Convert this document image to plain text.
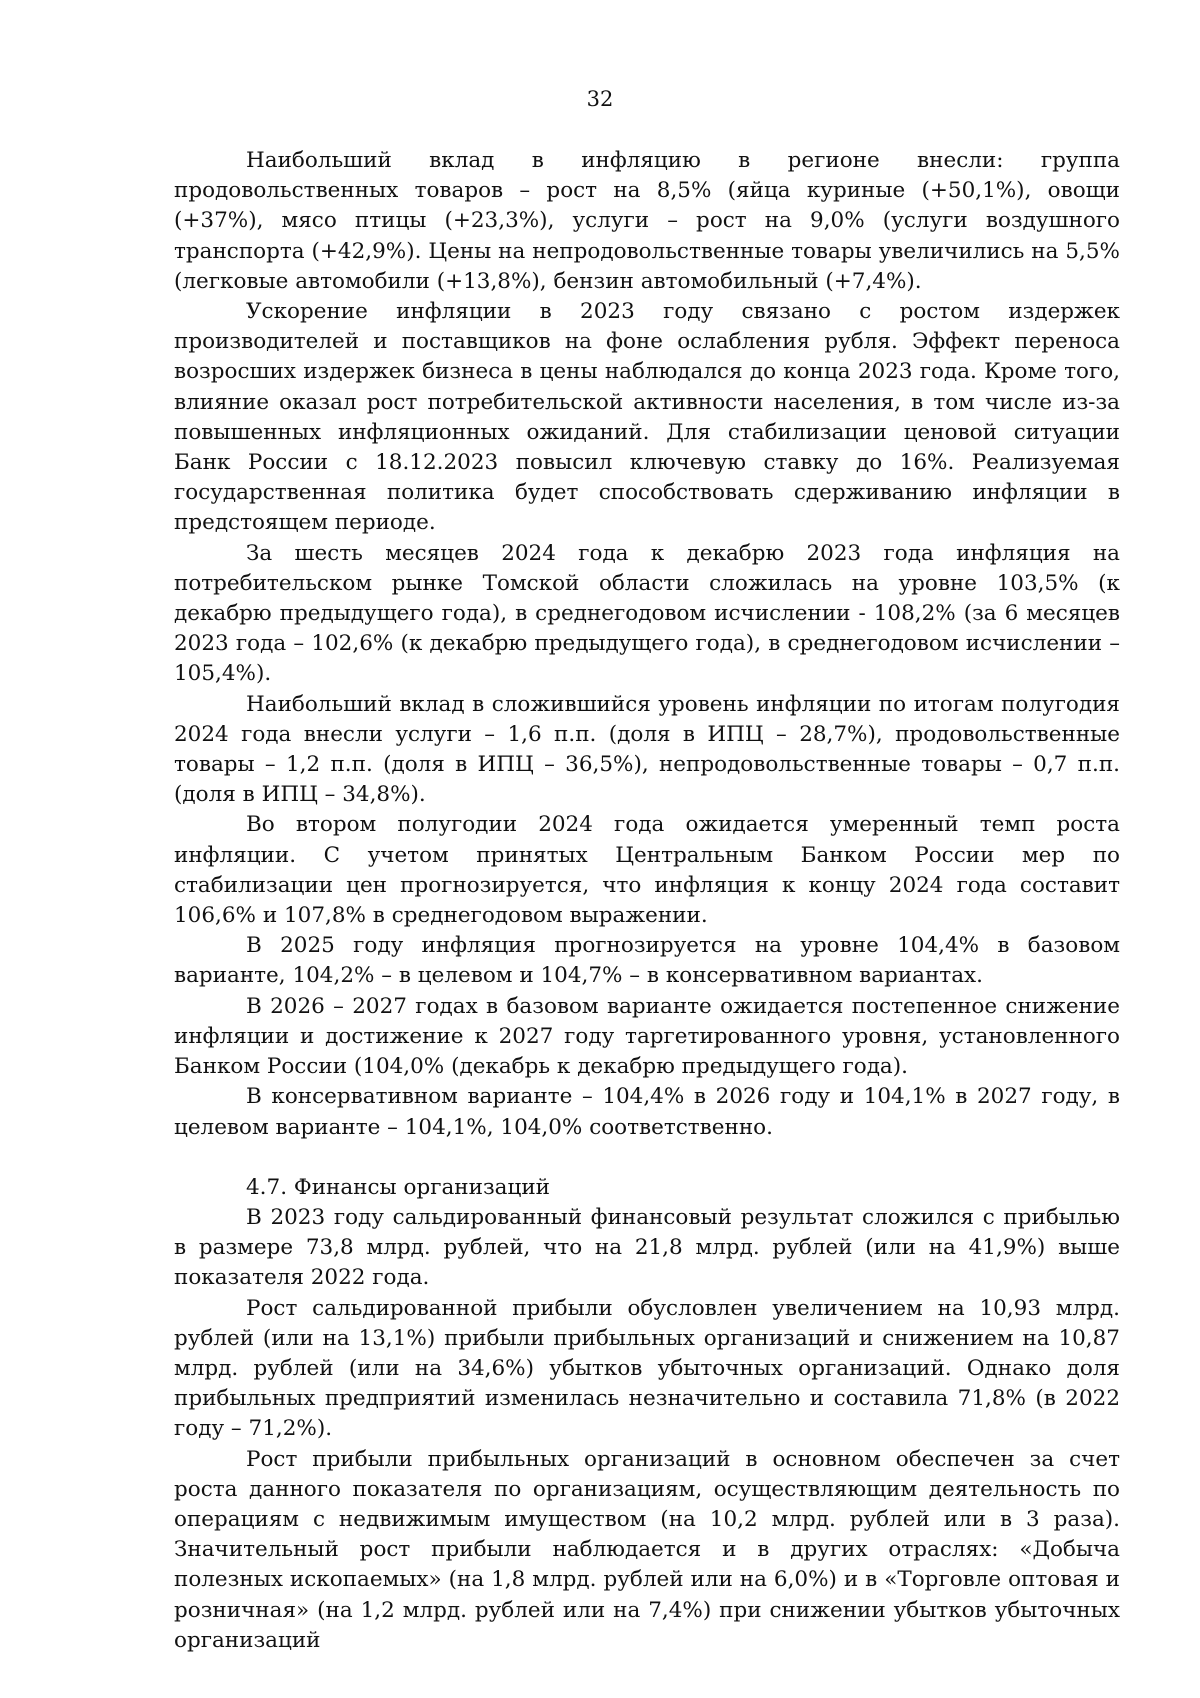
32

Наибольший вклад в инфляцию в регионе внесли: группа продовольственных товаров – рост на 8,5% (яйца куриные (+50,1%), овощи (+37%), мясо птицы (+23,3%), услуги – рост на 9,0% (услуги воздушного транспорта (+42,9%). Цены на непродовольственные товары увеличились на 5,5% (легковые автомобили (+13,8%), бензин автомобильный (+7,4%).

Ускорение инфляции в 2023 году связано с ростом издержек производителей и поставщиков на фоне ослабления рубля. Эффект переноса возросших издержек бизнеса в цены наблюдался до конца 2023 года. Кроме того, влияние оказал рост потребительской активности населения, в том числе из-за повышенных инфляционных ожиданий. Для стабилизации ценовой ситуации Банк России с 18.12.2023 повысил ключевую ставку до 16%. Реализуемая государственная политика будет способствовать сдерживанию инфляции в предстоящем периоде.

За шесть месяцев 2024 года к декабрю 2023 года инфляция на потребительском рынке Томской области сложилась на уровне 103,5% (к декабрю предыдущего года), в среднегодовом исчислении - 108,2% (за 6 месяцев 2023 года – 102,6% (к декабрю предыдущего года), в среднегодовом исчислении – 105,4%).

Наибольший вклад в сложившийся уровень инфляции по итогам полугодия 2024 года внесли услуги – 1,6 п.п. (доля в ИПЦ – 28,7%), продовольственные товары – 1,2 п.п. (доля в ИПЦ – 36,5%), непродовольственные товары – 0,7 п.п. (доля в ИПЦ – 34,8%).

Во втором полугодии 2024 года ожидается умеренный темп роста инфляции. С учетом принятых Центральным Банком России мер по стабилизации цен прогнозируется, что инфляция к концу 2024 года составит 106,6% и 107,8% в среднегодовом выражении.

В 2025 году инфляция прогнозируется на уровне 104,4% в базовом варианте, 104,2% – в целевом и 104,7% – в консервативном вариантах.

В 2026 – 2027 годах в базовом варианте ожидается постепенное снижение инфляции и достижение к 2027 году таргетированного уровня, установленного Банком России (104,0% (декабрь к декабрю предыдущего года).

В консервативном варианте – 104,4% в 2026 году и 104,1% в 2027 году, в целевом варианте – 104,1%, 104,0% соответственно.

4.7. Финансы организаций

В 2023 году сальдированный финансовый результат сложился с прибылью в размере 73,8 млрд. рублей, что на 21,8 млрд. рублей (или на 41,9%) выше показателя 2022 года.

Рост сальдированной прибыли обусловлен увеличением на 10,93 млрд. рублей (или на 13,1%) прибыли прибыльных организаций и снижением на 10,87 млрд. рублей (или на 34,6%) убытков убыточных организаций. Однако доля прибыльных предприятий изменилась незначительно и составила 71,8% (в 2022 году – 71,2%).

Рост прибыли прибыльных организаций в основном обеспечен за счет роста данного показателя по организациям, осуществляющим деятельность по операциям с недвижимым имуществом (на 10,2 млрд. рублей или в 3 раза). Значительный рост прибыли наблюдается и в других отраслях: «Добыча полезных ископаемых» (на 1,8 млрд. рублей или на 6,0%) и в «Торговле оптовая и розничная» (на 1,2 млрд. рублей или на 7,4%) при снижении убытков убыточных организаций
